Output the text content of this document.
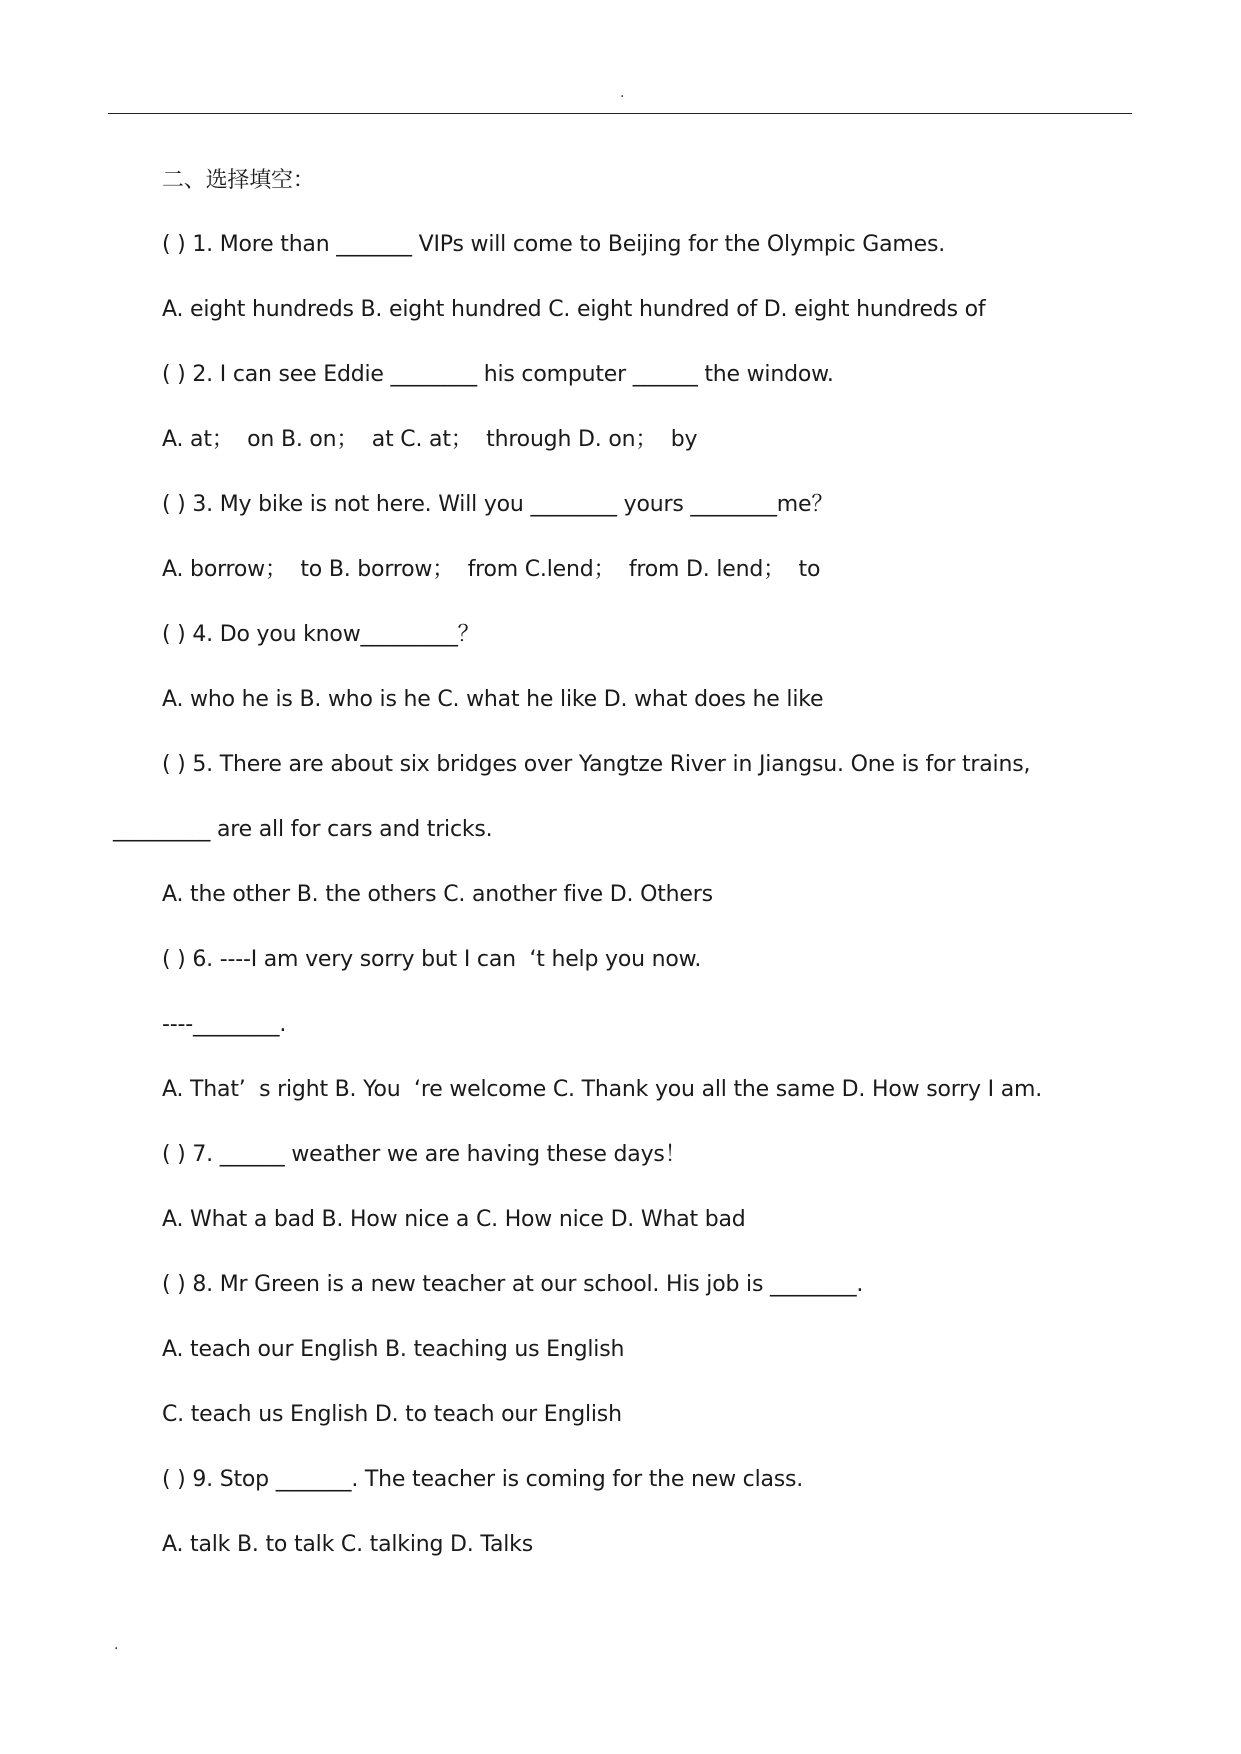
.
二、选择填空：
( ) 1. More than _______ VIPs will come to Beijing for the Olympic Games.
A. eight hundreds B. eight hundred C. eight hundred of D. eight hundreds of
( ) 2. I can see Eddie ________ his computer ______ the window.
A. at；  on B. on；  at C. at；  through D. on；  by
( ) 3. My bike is not here. Will you ________ yours ________me？
A. borrow；  to B. borrow；  from C.lend；  from D. lend；  to
( ) 4. Do you know_________？
A. who he is B. who is he C. what he like D. what does he like
( ) 5. There are about six bridges over Yangtze River in Jiangsu. One is for trains,
_________ are all for cars and tricks.
A. the other B. the others C. another five D. Others
( ) 6. ----I am very sorry but I can  ‘t help you now.
----________.
A. That’  s right B. You  ‘re welcome C. Thank you all the same D. How sorry I am.
( ) 7. ______ weather we are having these days！
A. What a bad B. How nice a C. How nice D. What bad
( ) 8. Mr Green is a new teacher at our school. His job is ________.
A. teach our English B. teaching us English
C. teach us English D. to teach our English
( ) 9. Stop _______. The teacher is coming for the new class.
A. talk B. to talk C. talking D. Talks
.
